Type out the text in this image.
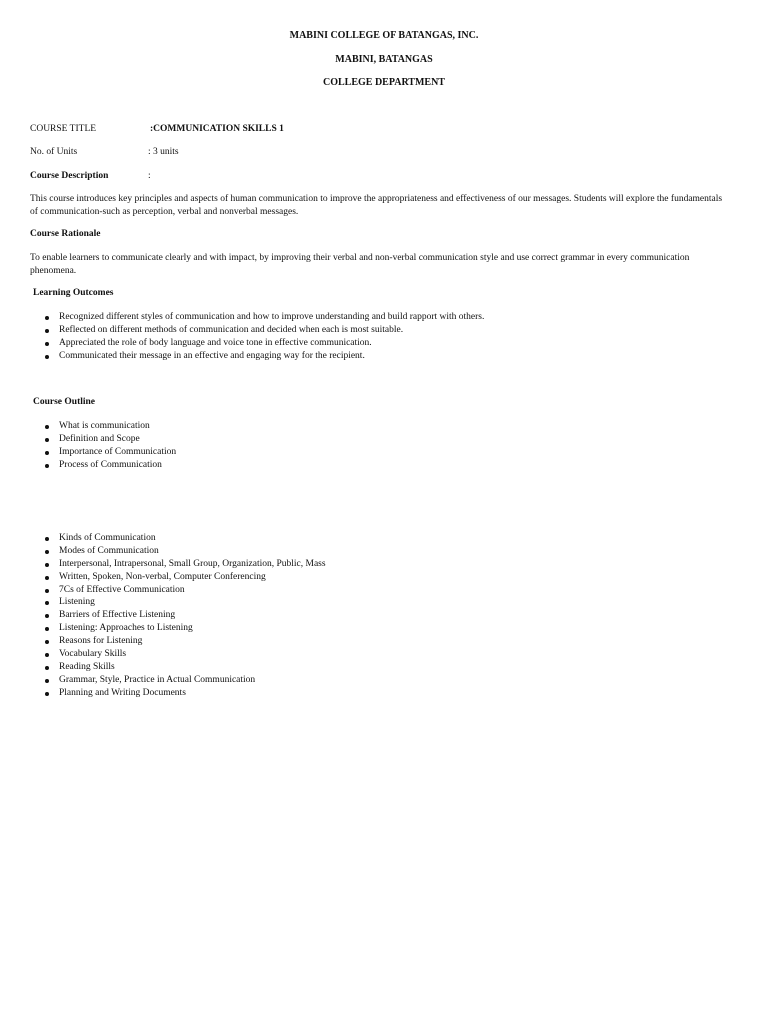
MABINI COLLEGE OF BATANGAS, INC.
MABINI, BATANGAS
COLLEGE DEPARTMENT
COURSE TITLE	:COMMUNICATION SKILLS 1
No. of Units	: 3 units
Course Description	:
This course introduces key principles and aspects of human communication to improve the appropriateness and effectiveness of our messages. Students will explore the fundamentals of communication-such as perception, verbal and nonverbal messages.
Course Rationale
To enable learners to communicate clearly and with impact, by improving their verbal and non-verbal communication style and use correct grammar in every communication phenomena.
Learning Outcomes
Recognized different styles of communication and how to improve understanding and build rapport with others.
Reflected on different methods of communication and decided when each is most suitable.
Appreciated the role of body language and voice tone in effective communication.
Communicated their message in an effective and engaging way for the recipient.
Course Outline
What is communication
Definition and Scope
Importance of Communication
Process of Communication
Kinds of Communication
Modes of Communication
Interpersonal, Intrapersonal, Small Group, Organization, Public, Mass
Written, Spoken, Non-verbal, Computer Conferencing
7Cs of Effective Communication
Listening
Barriers of Effective Listening
Listening: Approaches to Listening
Reasons for Listening
Vocabulary Skills
Reading Skills
Grammar, Style, Practice in Actual Communication
Planning and Writing Documents
